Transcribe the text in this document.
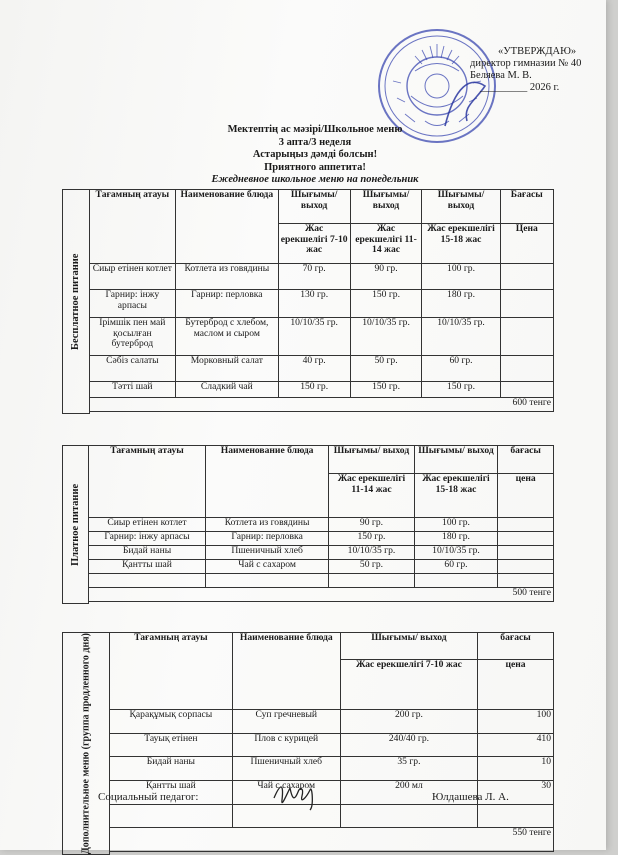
«УТВЕРЖДАЮ»
директор гимназии № 40
Беляева М. В.
_________ 2026 г.
Мектептің ас мәзірі/Школьное меню
3 апта/3 неделя
Астарыңыз дәмді болсын!
Приятного аппетита!
Ежедневное школьное меню на понедельник
Бесплатное питание	Тағамның атауы	Наименование блюда	Шығымы/ выход	Шығымы/ выход	Шығымы/ выход	Бағасы
			Жас ерекшелігі 7-10 жас	Жас ерекшелігі 11-14 жас	Жас ерекшелігі 15-18 жас	Цена
	Сиыр етінен котлет	Котлета из говядины	70 гр.	90 гр.	100 гр.	
	Гарнир: інжу арпасы	Гарнир: перловка	130 гр.	150 гр.	180 гр.	
	Ірімшік пен май қосылған бутерброд	Бутерброд с хлебом, маслом и сыром	10/10/35 гр.	10/10/35 гр.	10/10/35 гр.	
	Сәбіз салаты	Морковный салат	40 гр.	50 гр.	60 гр.	
	Тәтті шай	Сладкий чай	150 гр.	150 гр.	150 гр.	
	600 тенге					

Платное питание	Тағамның атауы	Наименование блюда	Шығымы/ выход	Шығымы/ выход	бағасы
			Жас ерекшелігі 11-14 жас	Жас ерекшелігі 15-18 жас	цена
	Сиыр етінен котлет	Котлета из говядины	90 гр.	100 гр.	
	Гарнир: інжу арпасы	Гарнир: перловка	150 гр.	180 гр.	
	Бидай наны	Пшеничный хлеб	10/10/35 гр.	10/10/35 гр.	
	Қантты шай	Чай с сахаром	50 гр.	60 гр.	

	500 тенге				

Дополнительное меню (группа продленного дня)	Тағамның атауы	Наименование блюда	Шығымы/ выход	бағасы
			Жас ерекшелігі 7-10 жас	цена
	Қарақұмық сорпасы	Суп гречневый	200 гр.	100
	Тауық етінен	Плов с курицей	240/40 гр.	410
	Бидай наны	Пшеничный хлеб	35 гр.	10
	Қантты шай	Чай с сахаром	200 мл	30

	550 тенге			

Социальный педагог:	Юлдашева Л. А.
